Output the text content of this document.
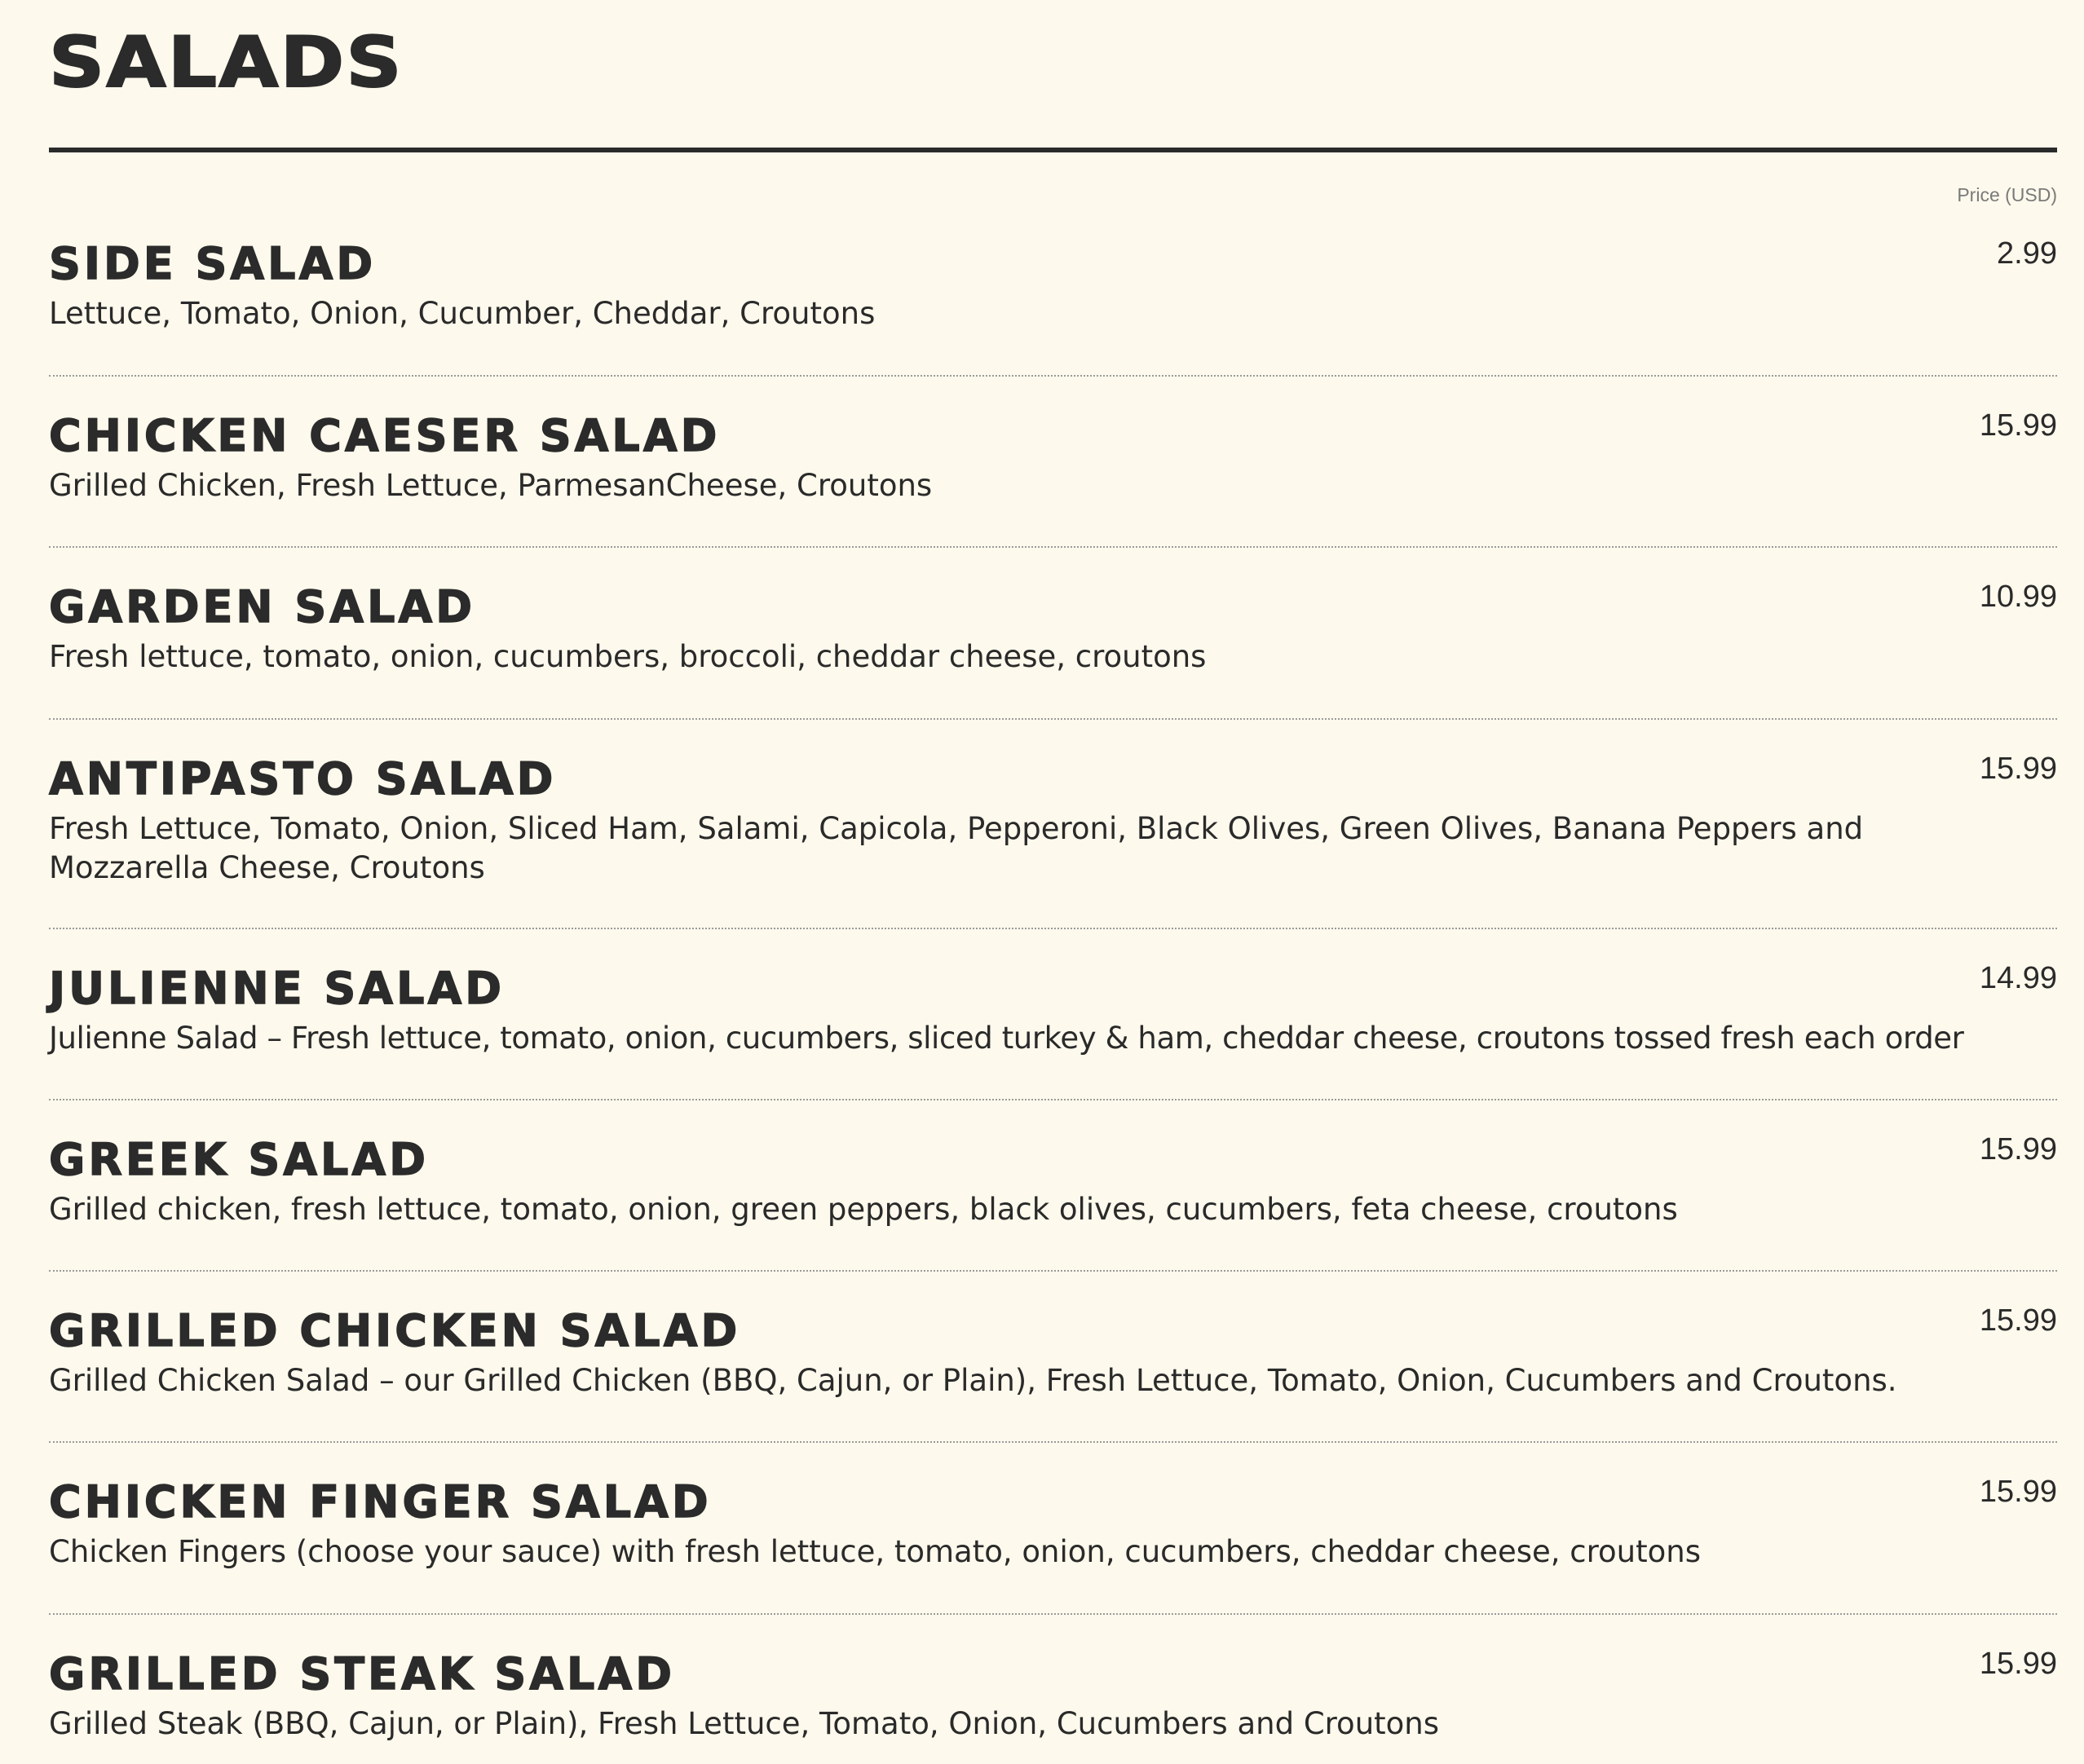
SALADS
Price (USD)
SIDE SALAD	2.99
Lettuce, Tomato, Onion, Cucumber, Cheddar, Croutons
CHICKEN CAESER SALAD	15.99
Grilled Chicken, Fresh Lettuce, ParmesanCheese, Croutons
GARDEN SALAD	10.99
Fresh lettuce, tomato, onion, cucumbers, broccoli, cheddar cheese, croutons
ANTIPASTO SALAD	15.99
Fresh Lettuce, Tomato, Onion, Sliced Ham, Salami, Capicola, Pepperoni, Black Olives, Green Olives, Banana Peppers and Mozzarella Cheese, Croutons
JULIENNE SALAD	14.99
Julienne Salad – Fresh lettuce, tomato, onion, cucumbers, sliced turkey & ham, cheddar cheese, croutons tossed fresh each order
GREEK SALAD	15.99
Grilled chicken, fresh lettuce, tomato, onion, green peppers, black olives, cucumbers, feta cheese, croutons
GRILLED CHICKEN SALAD	15.99
Grilled Chicken Salad – our Grilled Chicken (BBQ, Cajun, or Plain), Fresh Lettuce, Tomato, Onion, Cucumbers and Croutons.
CHICKEN FINGER SALAD	15.99
Chicken Fingers (choose your sauce) with fresh lettuce, tomato, onion, cucumbers, cheddar cheese, croutons
GRILLED STEAK SALAD	15.99
Grilled Steak (BBQ, Cajun, or Plain), Fresh Lettuce, Tomato, Onion, Cucumbers and Croutons
